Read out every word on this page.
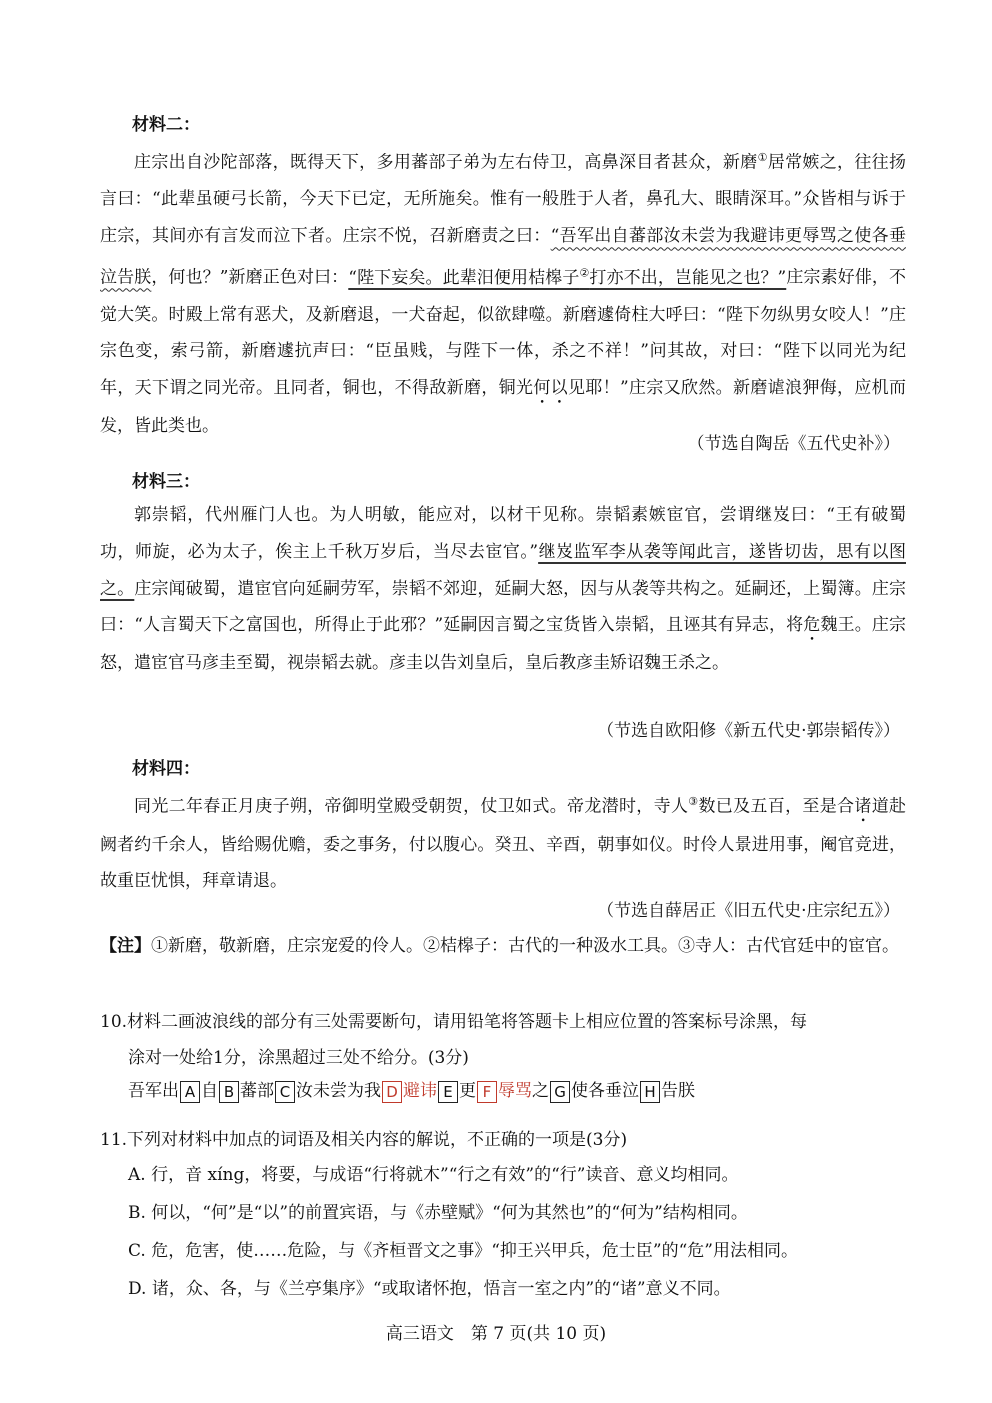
材料二：

庄宗出自沙陀部落，既得天下，多用蕃部子弟为左右侍卫，高鼻深目者甚众，新磨①居常嫉之，往往扬言曰：“此辈虽硬弓长箭，今天下已定，无所施矣。惟有一般胜于人者，鼻孔大、眼睛深耳。”众皆相与诉于庄宗，其间亦有言发而泣下者。庄宗不悦，召新磨责之曰：“吾军出自蕃部汝未尝为我避讳更辱骂之使各垂泣告朕，何也？”新磨正色对曰：“陛下妄矣。此辈汨便用桔槔子②打亦不出，岂能见之也？”庄宗素好俳，不觉大笑。时殿上常有恶犬，及新磨退，一犬奋起，似欲肆噬。新磨遽倚柱大呼曰：“陛下勿纵男女咬人！”庄宗色变，索弓箭，新磨遽抗声曰：“臣虽贱，与陛下一体，杀之不祥！”问其故，对曰：“陛下以同光为纪年，天下谓之同光帝。且同者，铜也，不得敌新磨，铜光何以见耶！”庄宗又欣然。新磨谑浪狎侮，应机而发，皆此类也。

（节选自陶岳《五代史补》）
材料三：

郭崇韬，代州雁门人也。为人明敏，能应对，以材干见称。崇韬素嫉宦官，尝谓继岌曰：“王有破蜀功，师旋，必为太子，俟主上千秋万岁后，当尽去宦官。”继岌监军李从袭等闻此言，遂皆切齿，思有以图之。庄宗闻破蜀，遣宦官向延嗣劳军，崇韬不郊迎，延嗣大怒，因与从袭等共构之。延嗣还，上蜀簿。庄宗曰：“人言蜀天下之富国也，所得止于此邪？”延嗣因言蜀之宝货皆入崇韬，且诬其有异志，将危魏王。庄宗怒，遣宦官马彦圭至蜀，视崇韬去就。彦圭以告刘皇后，皇后教彦圭矫诏魏王杀之。

（节选自欧阳修《新五代史·郭崇韬传》）
材料四：

同光二年春正月庚子朔，帝御明堂殿受朝贺，仗卫如式。帝龙潜时，寺人③数已及五百，至是合诸道赴阙者约千余人，皆给赐优赡，委之事务，付以腹心。癸丑、辛酉，朝事如仪。时伶人景进用事，阉官竞进，故重臣忧惧，拜章请退。

（节选自薛居正《旧五代史·庄宗纪五》）

【注】①新磨，敬新磨，庄宗宠爱的伶人。②桔槔子：古代的一种汲水工具。③寺人：古代官廷中的宦官。

10.材料二画波浪线的部分有三处需要断句，请用铅笔将答题卡上相应位置的答案标号涂黑，每
涂对一处给1分，涂黑超过三处不给分。(3分)

吾军出 A 自 B 蕃部 C 汝未尝为我 D 避讳 E 更 F 辱骂之 G 使各垂泣 H 告朕

11.下列对材料中加点的词语及相关内容的解说，不正确的一项是(3分)

A. 行，音 xíng，将要，与成语“行将就木”“行之有效”的“行”读音、意义均相同。
B. 何以，“何”是“以”的前置宾语，与《赤壁赋》“何为其然也”的“何为”结构相同。
C. 危，危害，使……危险，与《齐桓晋文之事》“抑王兴甲兵，危士臣”的“危”用法相同。
D. 诸，众、各，与《兰亭集序》“或取诸怀抱，悟言一室之内”的“诸”意义不同。
高三语文　第 7 页(共 10 页)
